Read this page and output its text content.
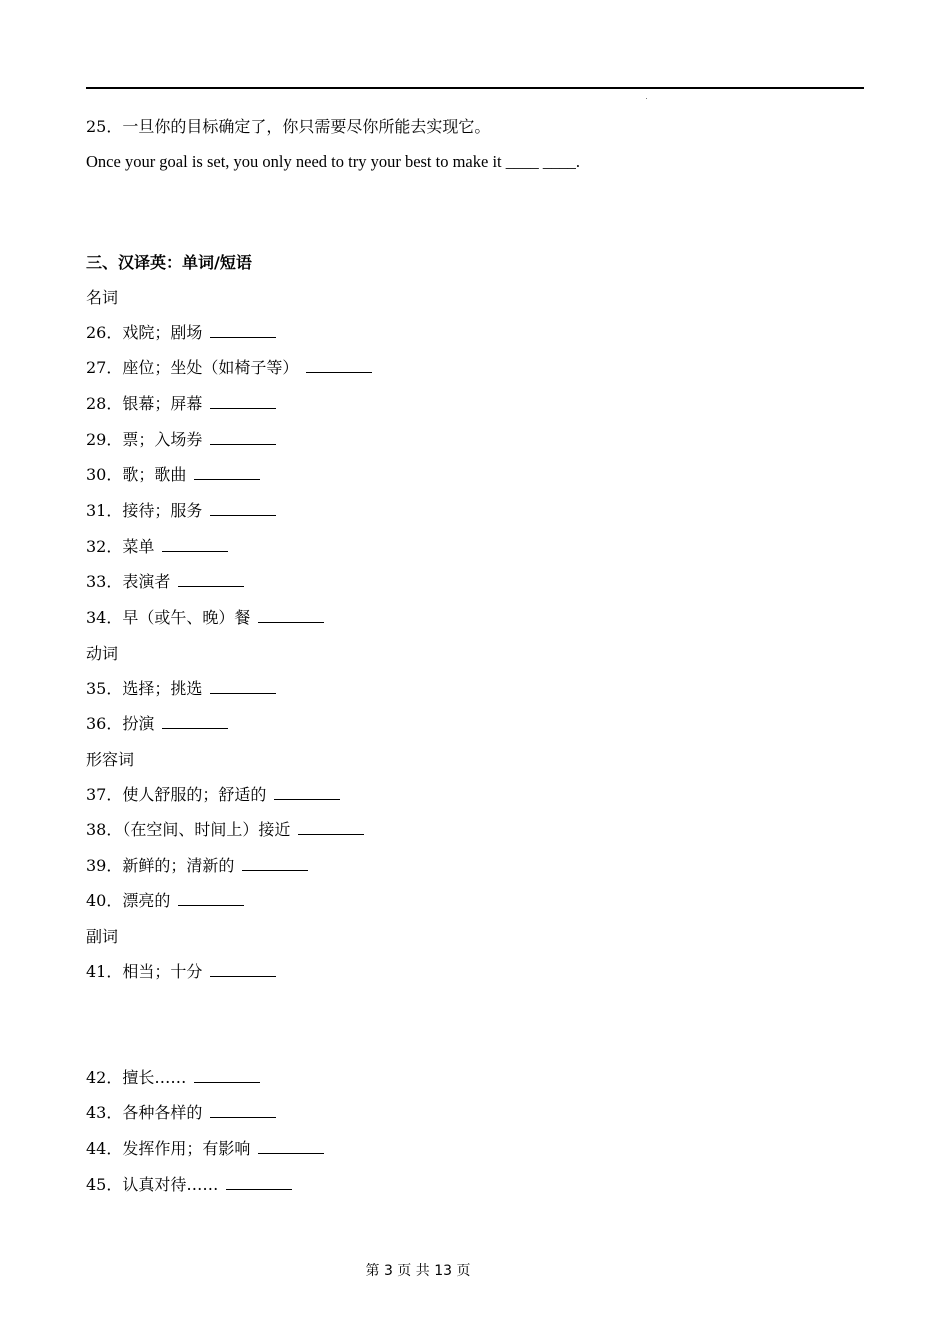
25．一旦你的目标确定了，你只需要尽你所能去实现它。
Once your goal is set, you only need to try your best to make it ____ ____.
三、汉译英：单词/短语
名词
26．戏院；剧场
27．座位；坐处（如椅子等）
28．银幕；屏幕
29．票；入场券
30．歌；歌曲
31．接待；服务
32．菜单
33．表演者
34．早（或午、晚）餐
动词
35．选择；挑选
36．扮演
形容词
37．使人舒服的；舒适的
38．（在空间、时间上）接近
39．新鲜的；清新的
40．漂亮的
副词
41．相当；十分
42．擅长……
43．各种各样的
44．发挥作用；有影响
45．认真对待……
第 3 页 共 13 页
